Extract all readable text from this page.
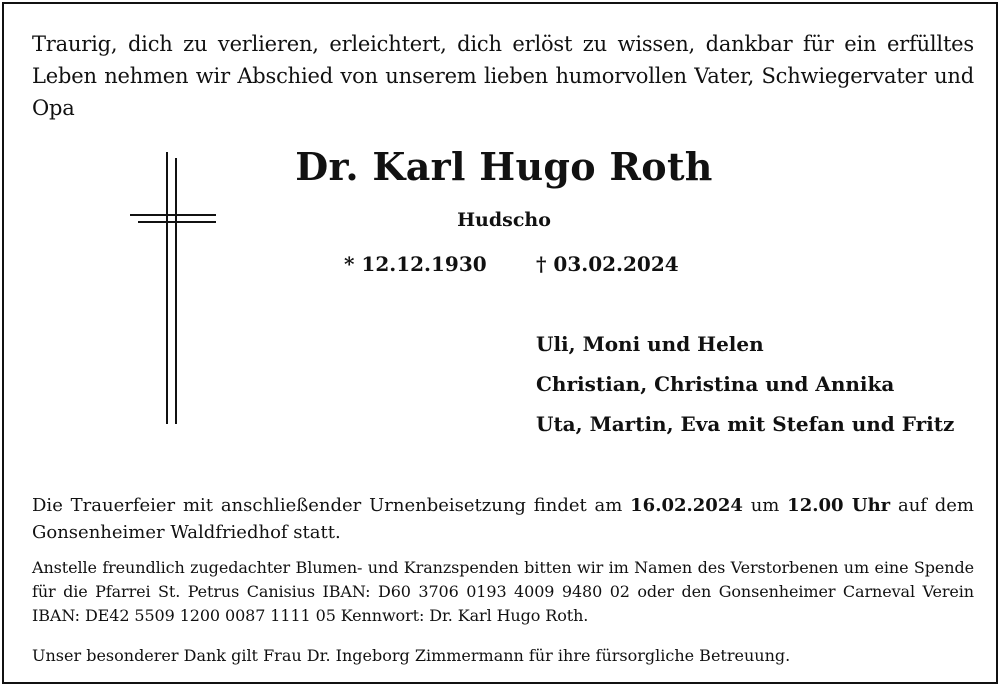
Traurig, dich zu verlieren, erleichtert, dich erlöst zu wissen, dankbar für ein erfülltes Leben nehmen wir Abschied von unserem lieben humorvollen Vater, Schwiegervater und Opa
Dr. Karl Hugo Roth
Hudscho
* 12.12.1930 † 03.02.2024
Uli, Moni und Helen
Christian, Christina und Annika
Uta, Martin, Eva mit Stefan und Fritz
Die Trauerfeier mit anschließender Urnenbeisetzung findet am 16.02.2024 um 12.00 Uhr auf dem Gonsenheimer Waldfriedhof statt.
Anstelle freundlich zugedachter Blumen- und Kranzspenden bitten wir im Namen des Verstorbenen um eine Spende für die Pfarrei St. Petrus Canisius IBAN: D60 3706 0193 4009 9480 02 oder den Gonsenheimer Carneval Verein IBAN: DE42 5509 1200 0087 1111 05 Kennwort: Dr. Karl Hugo Roth.
Unser besonderer Dank gilt Frau Dr. Ingeborg Zimmermann für ihre fürsorgliche Betreuung.
